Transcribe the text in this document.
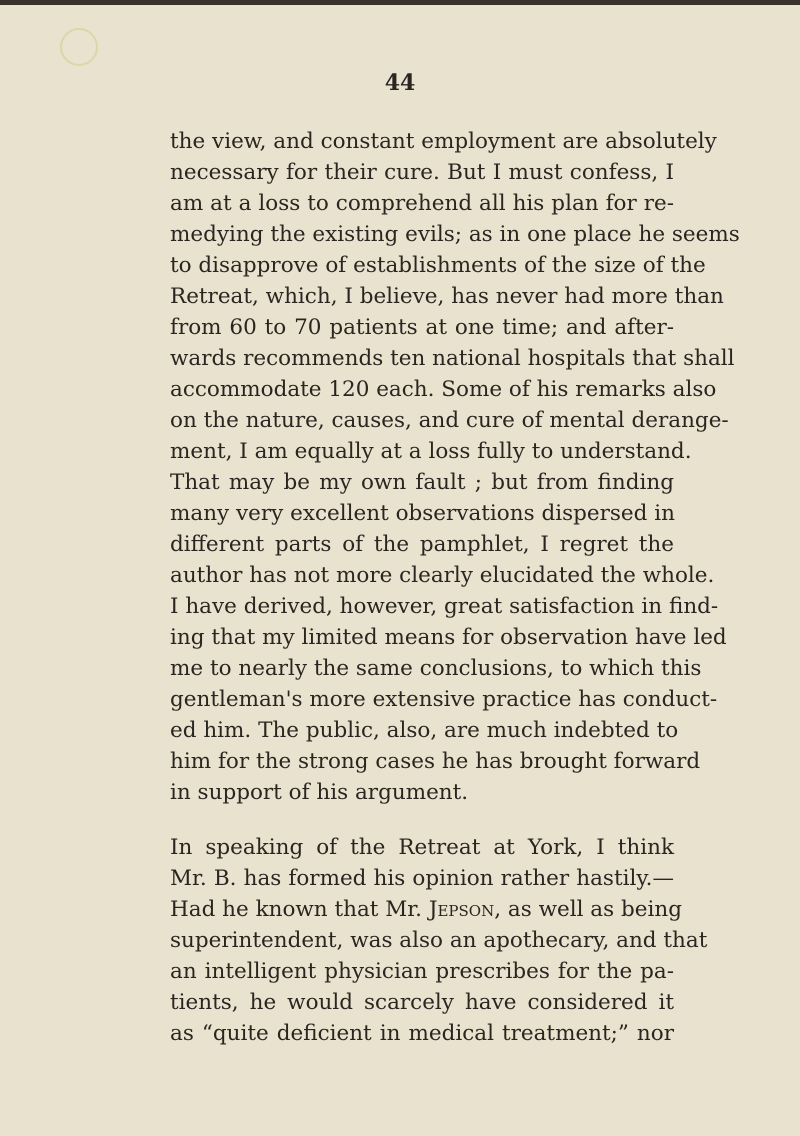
44
the view, and constant employment are absolutely
necessary for their cure. But I must confess, I
am at a loss to comprehend all his plan for re-
medying the existing evils; as in one place he seems
to disapprove of establishments of the size of the
Retreat, which, I believe, has never had more than
from 60 to 70 patients at one time; and after-
wards recommends ten national hospitals that shall
accommodate 120 each. Some of his remarks also
on the nature, causes, and cure of mental derange-
ment, I am equally at a loss fully to understand.
That may be my own fault ; but from finding
many very excellent observations dispersed in
different parts of the pamphlet, I regret the
author has not more clearly elucidated the whole.
I have derived, however, great satisfaction in find-
ing that my limited means for observation have led
me to nearly the same conclusions, to which this
gentleman's more extensive practice has conduct-
ed him. The public, also, are much indebted to
him for the strong cases he has brought forward
in support of his argument.
In speaking of the Retreat at York, I think
Mr. B. has formed his opinion rather hastily.—
Had he known that Mr. Jepson, as well as being
superintendent, was also an apothecary, and that
an intelligent physician prescribes for the pa-
tients, he would scarcely have considered it
as “quite deficient in medical treatment;” nor
